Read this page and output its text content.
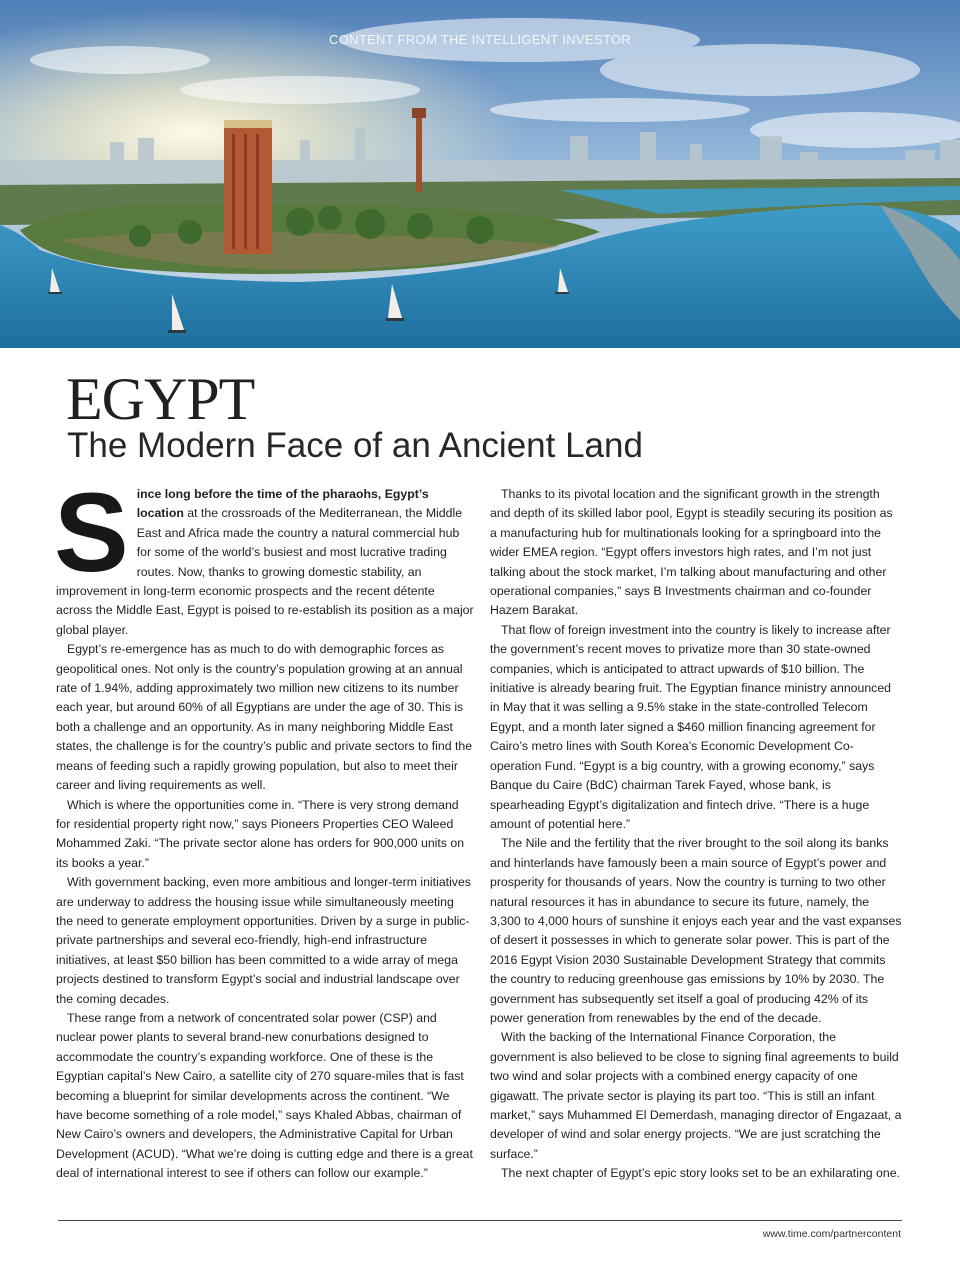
CONTENT FROM THE INTELLIGENT INVESTOR
EGYPT
The Modern Face of an Ancient Land

Since long before the time of the pharaohs, Egypt’s location at the crossroads of the Mediterranean, the Middle East and Africa made the country a natural commercial hub for some of the world’s busiest and most lucrative trading routes. Now, thanks to growing domestic stability, an improvement in long-term economic prospects and the recent détente across the Middle East, Egypt is poised to re-establish its position as a major global player.

Egypt’s re-emergence has as much to do with demographic forces as geopolitical ones. Not only is the country’s population growing at an annual rate of 1.94%, adding approximately two million new citizens to its number each year, but around 60% of all Egyptians are under the age of 30. This is both a challenge and an opportunity. As in many neighboring Middle East states, the challenge is for the country’s public and private sectors to find the means of feeding such a rapidly growing population, but also to meet their career and living requirements as well.

Which is where the opportunities come in. “There is very strong demand for residential property right now,” says Pioneers Properties CEO Waleed Mohammed Zaki. “The private sector alone has orders for 900,000 units on its books a year.”

With government backing, even more ambitious and longer-term initiatives are underway to address the housing issue while simultaneously meeting the need to generate employment opportunities. Driven by a surge in public-private partnerships and several eco-friendly, high-end infrastructure initiatives, at least $50 billion has been committed to a wide array of mega projects destined to transform Egypt’s social and industrial landscape over the coming decades.

These range from a network of concentrated solar power (CSP) and nuclear power plants to several brand-new conurbations designed to accommodate the country’s expanding workforce. One of these is the Egyptian capital’s New Cairo, a satellite city of 270 square-miles that is fast becoming a blueprint for similar developments across the continent. “We have become something of a role model,” says Khaled Abbas, chairman of New Cairo’s owners and developers, the Administrative Capital for Urban Development (ACUD). “What we’re doing is cutting edge and there is a great deal of international interest to see if others can follow our example.”

Thanks to its pivotal location and the significant growth in the strength and depth of its skilled labor pool, Egypt is steadily securing its position as a manufacturing hub for multinationals looking for a springboard into the wider EMEA region. “Egypt offers investors high rates, and I’m not just talking about the stock market, I’m talking about manufacturing and other operational companies,” says B Investments chairman and co-founder Hazem Barakat.

That flow of foreign investment into the country is likely to increase after the government’s recent moves to privatize more than 30 state-owned companies, which is anticipated to attract upwards of $10 billion. The initiative is already bearing fruit. The Egyptian finance ministry announced in May that it was selling a 9.5% stake in the state-controlled Telecom Egypt, and a month later signed a $460 million financing agreement for Cairo’s metro lines with South Korea’s Economic Development Co-operation Fund. “Egypt is a big country, with a growing economy,” says Banque du Caire (BdC) chairman Tarek Fayed, whose bank, is spearheading Egypt’s digitalization and fintech drive. “There is a huge amount of potential here.”

The Nile and the fertility that the river brought to the soil along its banks and hinterlands have famously been a main source of Egypt’s power and prosperity for thousands of years. Now the country is turning to two other natural resources it has in abundance to secure its future, namely, the 3,300 to 4,000 hours of sunshine it enjoys each year and the vast expanses of desert it possesses in which to generate solar power. This is part of the 2016 Egypt Vision 2030 Sustainable Development Strategy that commits the country to reducing greenhouse gas emissions by 10% by 2030. The government has subsequently set itself a goal of producing 42% of its power generation from renewables by the end of the decade.

With the backing of the International Finance Corporation, the government is also believed to be close to signing final agreements to build two wind and solar projects with a combined energy capacity of one gigawatt. The private sector is playing its part too. “This is still an infant market,” says Muhammed El Demerdash, managing director of Engazaat, a developer of wind and solar energy projects. “We are just scratching the surface.”

The next chapter of Egypt’s epic story looks set to be an exhilarating one.

www.time.com/partnercontent
